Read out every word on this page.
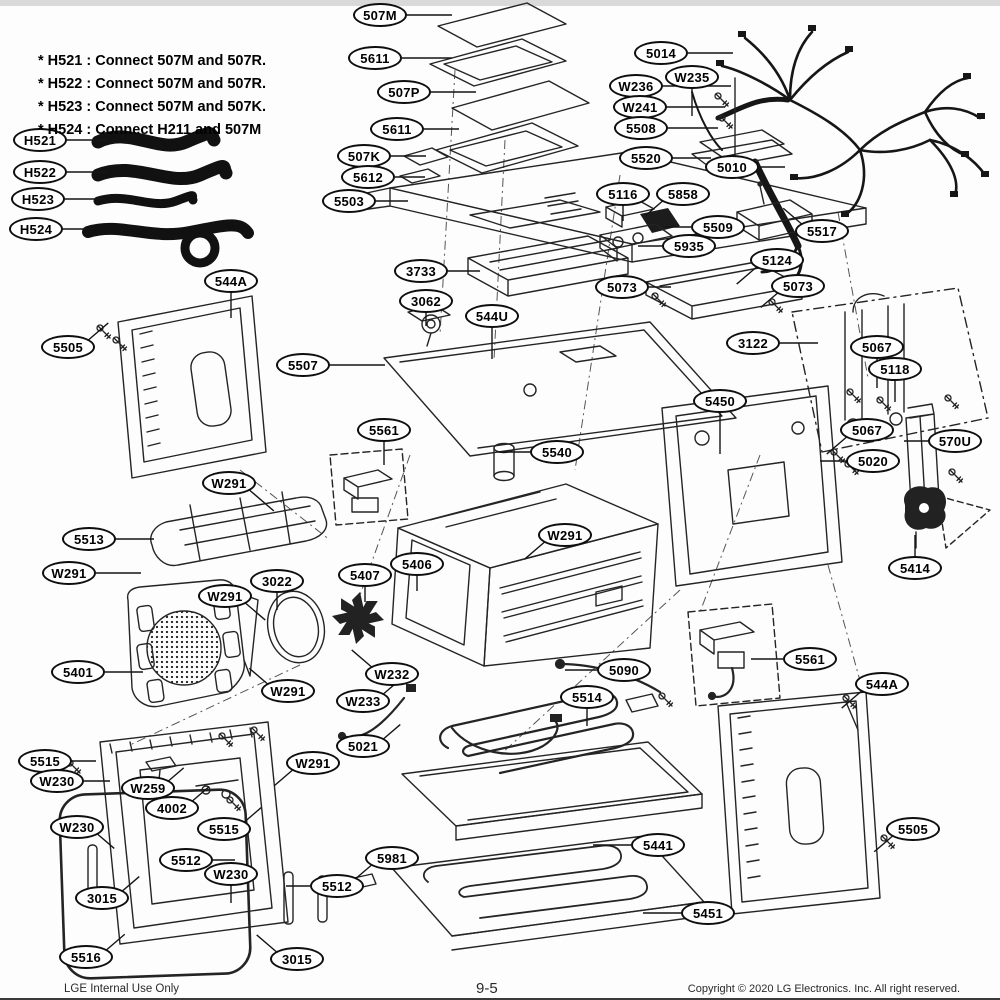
H521
H522
H523
H524
507M
5611
507P
5611
507K
5612
5503
5014
W235
W236
W241
5508
5520
5010
5116	5858
5509	5517
5935
5124
5073	5073
3733
3062
544U
3122	5067
5118
544A
5505
5507
5561
5540
5450
5067
570U
5020
W291
5513
W291
W291
3022
5406
5407
W291
5414
5401
W291
W232
W233
5090
5514
5561
544A
5021
W291
5515
W230	W259
4002
5515
W230
5512
W230
3015
5516	3015
5512
5981
5441
5451
5505
* H521 : Connect 507M and 507R.
* H522 : Connect 507M and 507R.
* H523 : Connect 507M and 507K.
* H524 : Connect H211 and 507M
LGE Internal Use Only	9-5	Copyright © 2020 LG Electronics. Inc. All right reserved.
